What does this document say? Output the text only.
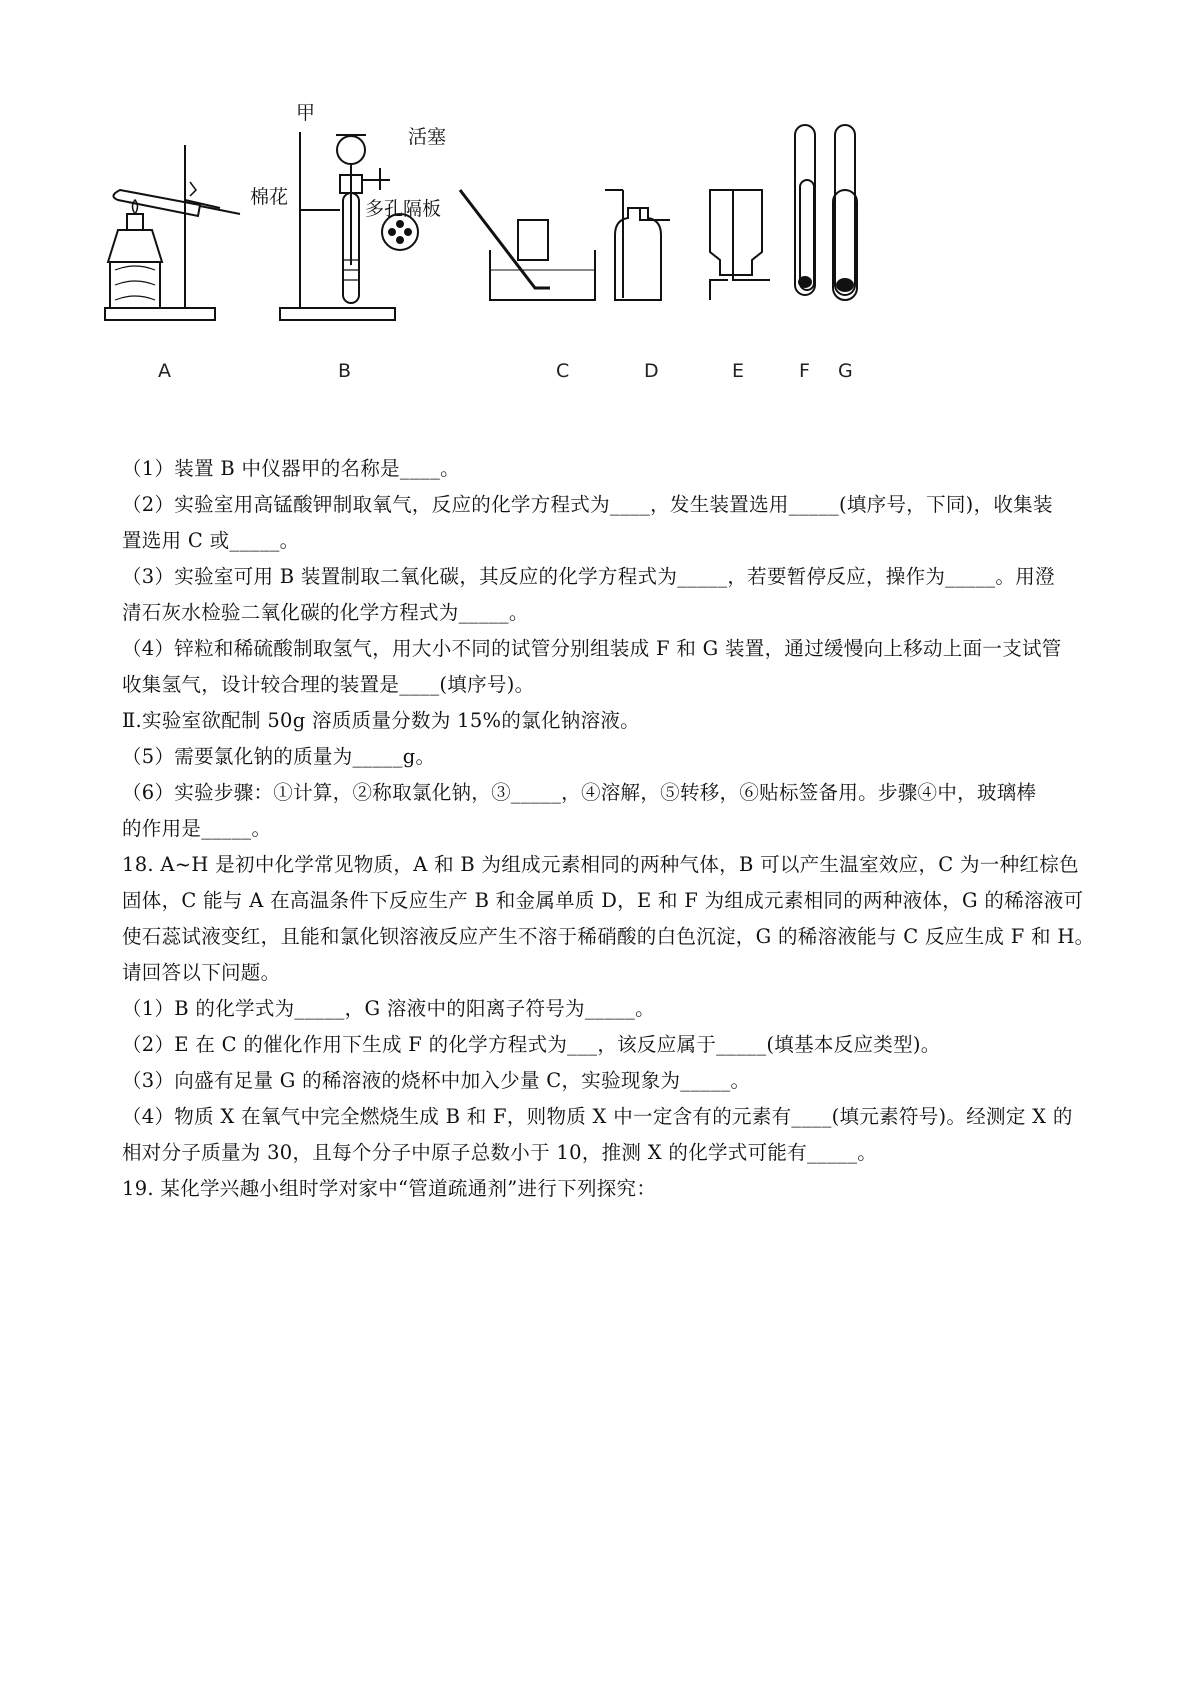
甲
活塞
棉花
多孔隔板
A	B	C	D	E	F G

（1）装置 B 中仪器甲的名称是____。

（2）实验室用高锰酸钾制取氧气，反应的化学方程式为____，发生装置选用_____(填序号，下同)，收集装

置选用 C 或_____。

（3）实验室可用 B 装置制取二氧化碳，其反应的化学方程式为_____，若要暂停反应，操作为_____。用澄

清石灰水检验二氧化碳的化学方程式为_____。

（4）锌粒和稀硫酸制取氢气，用大小不同的试管分别组装成 F 和 G 装置，通过缓慢向上移动上面一支试管

收集氢气，设计较合理的装置是____(填序号)。

Ⅱ.实验室欲配制 50g 溶质质量分数为 15%的氯化钠溶液。

（5）需要氯化钠的质量为_____g。

（6）实验步骤：①计算，②称取氯化钠，③_____，④溶解，⑤转移，⑥贴标签备用。步骤④中，玻璃棒

的作用是_____。

18. A~H 是初中化学常见物质，A 和 B 为组成元素相同的两种气体，B 可以产生温室效应，C 为一种红棕色

固体，C 能与 A 在高温条件下反应生产 B 和金属单质 D，E 和 F 为组成元素相同的两种液体，G 的稀溶液可

使石蕊试液变红，且能和氯化钡溶液反应产生不溶于稀硝酸的白色沉淀，G 的稀溶液能与 C 反应生成 F 和 H。

请回答以下问题。

（1）B 的化学式为_____，G 溶液中的阳离子符号为_____。

（2）E 在 C 的催化作用下生成 F 的化学方程式为___，该反应属于_____(填基本反应类型)。

（3）向盛有足量 G 的稀溶液的烧杯中加入少量 C，实验现象为_____。

（4）物质 X 在氧气中完全燃烧生成 B 和 F，则物质 X 中一定含有的元素有____(填元素符号)。经测定 X 的

相对分子质量为 30，且每个分子中原子总数小于 10，推测 X 的化学式可能有_____。

19. 某化学兴趣小组时学对家中“管道疏通剂”进行下列探究：
